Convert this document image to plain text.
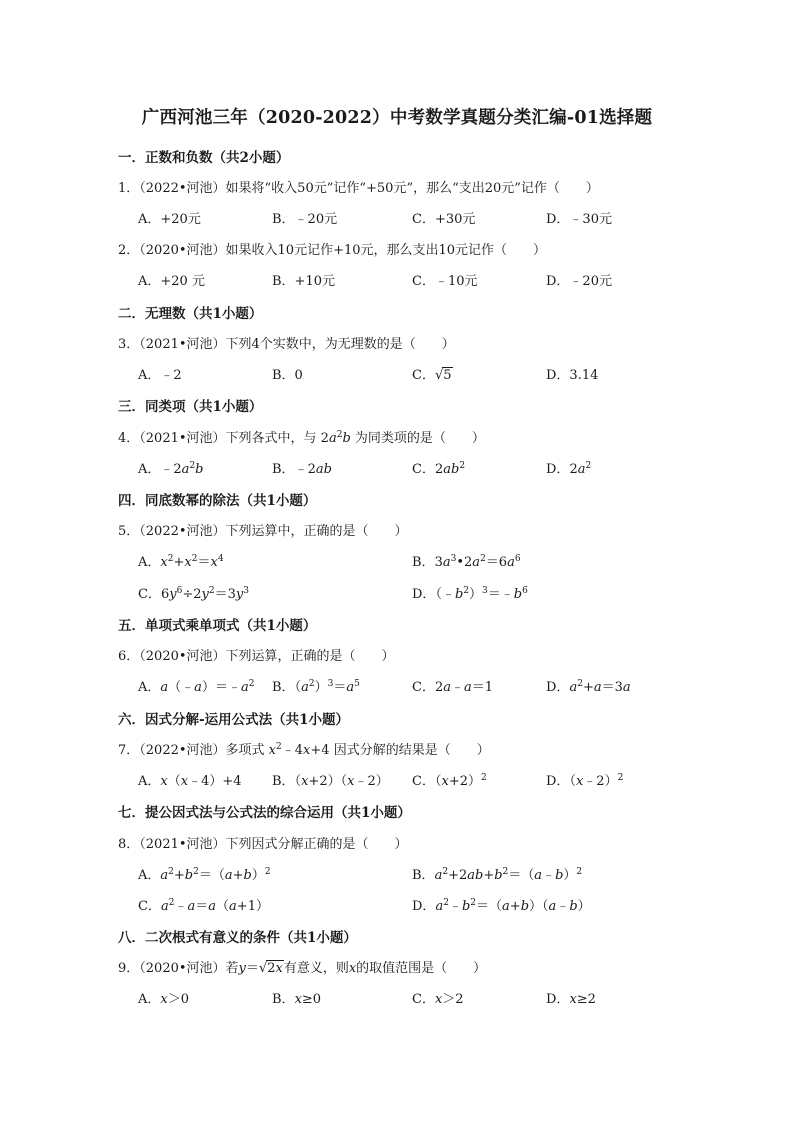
广西河池三年（2020-2022）中考数学真题分类汇编-01选择题
一．正数和负数（共2小题）
1．（2022•河池）如果将“收入50元”记作“+50元”，那么“支出20元”记作（　　）
A．+20元	B．﹣20元	C．+30元	D．﹣30元
2．（2020•河池）如果收入10元记作+10元，那么支出10元记作（　　）
A．+20 元	B．+10元	C．﹣10元	D．﹣20元
二．无理数（共1小题）
3．（2021•河池）下列4个实数中，为无理数的是（　　）
A．﹣2	B．0	C．√5	D．3.14
三．同类项（共1小题）
4．（2021•河池）下列各式中，与 $2a^2b$ 为同类项的是（　　）
A．$﹣2a^2b$	B．﹣2ab	C．$2ab^2$	D．$2a^2$
四．同底数幂的除法（共1小题）
5．（2022•河池）下列运算中，正确的是（　　）
A．$x^2+x^2=x^4$	B．$3a^3•2a^2=6a^6$
C．$6y^6\div 2y^2=3y^3$	D．$(﹣b^2)^3=﹣b^6$
五．单项式乘单项式（共1小题）
6．（2020•河池）下列运算，正确的是（　　）
A．$a(﹣a)=﹣a^2$ B．$(a^2)^3=a^5$	C．2a﹣a＝1	D．$a^2+a=3a$
六．因式分解-运用公式法（共1小题）
7．（2022•河池）多项式 $x^2﹣4x+4$ 因式分解的结果是（　　）
A．x（x﹣4）+4 B．（x+2）（x﹣2） C．$(x+2)^2$	D．（x﹣2）$^2$
七．提公因式法与公式法的综合运用（共1小题）
8．（2021•河池）下列因式分解正确的是（　　）
A．$a^2+b^2=(a+b)^2$	B．$a^2+2ab+b^2=(a﹣b)^2$
C．$a^2﹣a=a(a+1)$	D．$a^2﹣b^2=(a+b)(a﹣b)$
八．二次根式有意义的条件（共1小题）
9．（2020•河池）若y＝√2x有意义，则x的取值范围是（　　）
A．x＞0	B．x≥0	C．x＞2	D．x≥2
